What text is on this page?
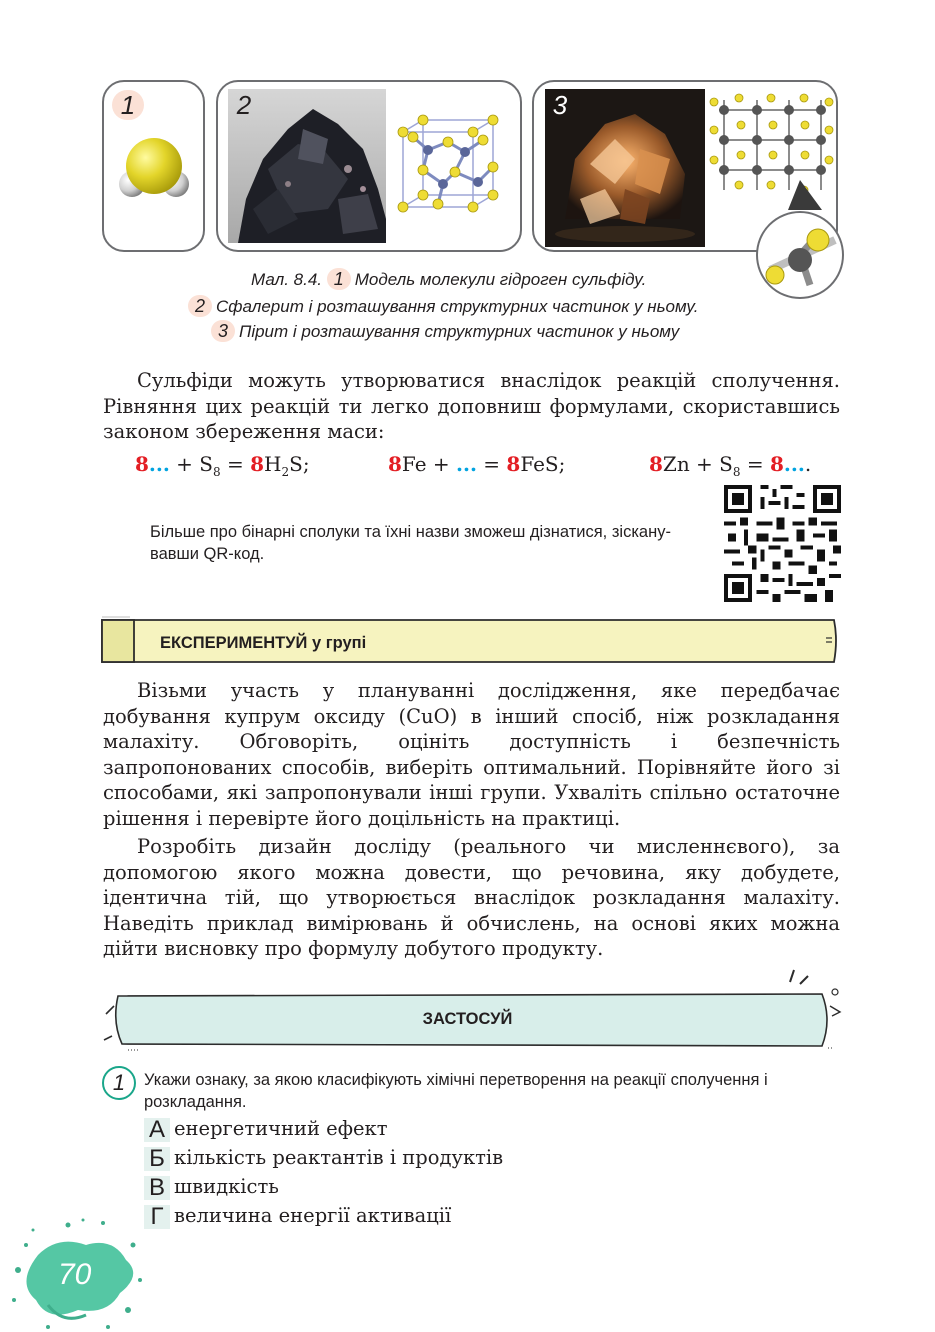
1	2	3
Мал. 8.4. 1 Модель молекули гідроген сульфіду.
2 Сфалерит і розташування структурних частинок у ньому.
3 Пірит і розташування структурних частинок у ньому
Сульфіди можуть утворюватися внаслідок реакцій сполучення. Рівняння цих реакцій ти легко доповниш формулами, скориставшись законом збереження маси:
8... + $S_8 = 8H_2S$;	8Fe + ... = 8FeS;	$8Zn + S_8 = 8$....
Більше про бінарні сполуки та їхні назви зможеш дізнатися, зісканувавши QR-код.
ЕКСПЕРИМЕНТУЙ у групі
Візьми участь у плануванні дослідження, яке передбачає добування купрум оксиду (CuO) в інший спосіб, ніж розкладання малахіту. Обговоріть, оцініть доступність і безпечність запропонованих способів, виберіть оптимальний. Порівняйте його зі способами, які запропонували інші групи. Ухваліть спільно остаточне рішення і перевірте його доцільність на практиці.
Розробіть дизайн досліду (реального чи мисленнєвого), за допомогою якого можна довести, що речовина, яку добудете, ідентична тій, що утворюється внаслідок розкладання малахіту. Наведіть приклад вимірювань й обчислень, на основі яких можна дійти висновку про формулу добутого продукту.
ЗАСТОСУЙ
1	Укажи ознаку, за якою класифікують хімічні перетворення на реакції сполучення і розкладання.
А енергетичний ефект
Б кількість реактантів і продуктів
В швидкість
Г величина енергії активації
70
